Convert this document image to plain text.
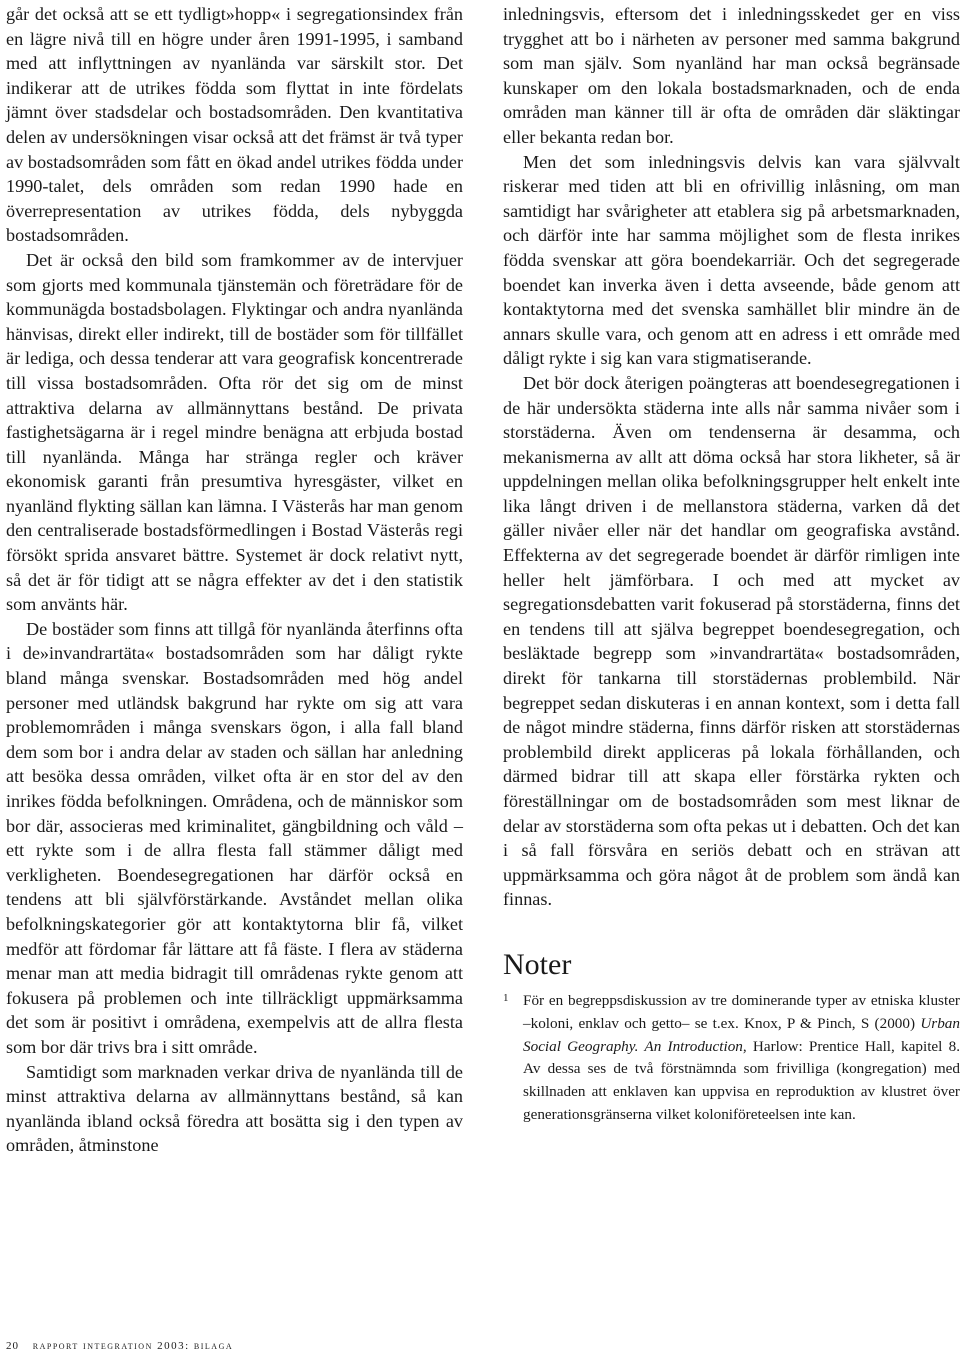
går det också att se ett tydligt»hopp« i segregationsindex från en lägre nivå till en högre under åren 1991-1995, i samband med att inflyttningen av nyanlända var särskilt stor. Det indikerar att de utrikes födda som flyttat in inte fördelats jämnt över stadsdelar och bostadsområden. Den kvantitativa delen av undersökningen visar också att det främst är två typer av bostadsområden som fått en ökad andel utrikes födda under 1990-talet, dels områden som redan 1990 hade en överrepresentation av utrikes födda, dels nybyggda bostadsområden.

Det är också den bild som framkommer av de intervjuer som gjorts med kommunala tjänstemän och företrädare för de kommunägda bostadsbolagen. Flyktingar och andra nyanlända hänvisas, direkt eller indirekt, till de bostäder som för tillfället är lediga, och dessa tenderar att vara geografisk koncentrerade till vissa bostadsområden. Ofta rör det sig om de minst attraktiva delarna av allmännyttans bestånd. De privata fastighetsägarna är i regel mindre benägna att erbjuda bostad till nyanlända. Många har stränga regler och kräver ekonomisk garanti från presumtiva hyresgäster, vilket en nyanländ flykting sällan kan lämna. I Västerås har man genom den centraliserade bostadsförmedlingen i Bostad Västerås regi försökt sprida ansvaret bättre. Systemet är dock relativt nytt, så det är för tidigt att se några effekter av det i den statistik som använts här.

De bostäder som finns att tillgå för nyanlända återfinns ofta i de»invandrartäta« bostadsområden som har dåligt rykte bland många svenskar. Bostadsområden med hög andel personer med utländsk bakgrund har rykte om sig att vara problemområden i många svenskars ögon, i alla fall bland dem som bor i andra delar av staden och sällan har anledning att besöka dessa områden, vilket ofta är en stor del av den inrikes födda befolkningen. Områdena, och de människor som bor där, associeras med kriminalitet, gängbildning och våld – ett rykte som i de allra flesta fall stämmer dåligt med verkligheten. Boendesegregationen har därför också en tendens att bli självförstärkande. Avståndet mellan olika befolkningskategorier gör att kontaktytorna blir få, vilket medför att fördomar får lättare att få fäste. I flera av städerna menar man att media bidragit till områdenas rykte genom att fokusera på problemen och inte tillräckligt uppmärksamma det som är positivt i områdena, exempelvis att de allra flesta som bor där trivs bra i sitt område.

Samtidigt som marknaden verkar driva de nyanlända till de minst attraktiva delarna av allmännyttans bestånd, så kan nyanlända ibland också föredra att bosätta sig i den typen av områden, åtminstone

inledningsvis, eftersom det i inledningsskedet ger en viss trygghet att bo i närheten av personer med samma bakgrund som man själv. Som nyanländ har man också begränsade kunskaper om den lokala bostadsmarknaden, och de enda områden man känner till är ofta de områden där släktingar eller bekanta redan bor.

Men det som inledningsvis delvis kan vara självvalt riskerar med tiden att bli en ofrivillig inlåsning, om man samtidigt har svårigheter att etablera sig på arbetsmarknaden, och därför inte har samma möjlighet som de flesta inrikes födda svenskar att göra boendekarriär. Och det segregerade boendet kan inverka även i detta avseende, både genom att kontaktytorna med det svenska samhället blir mindre än de annars skulle vara, och genom att en adress i ett område med dåligt rykte i sig kan vara stigmatiserande.

Det bör dock återigen poängteras att boendesegregationen i de här undersökta städerna inte alls når samma nivåer som i storstäderna. Även om tendenserna är desamma, och mekanismerna av allt att döma också har stora likheter, så är uppdelningen mellan olika befolkningsgrupper helt enkelt inte lika långt driven i de mellanstora städerna, varken då det gäller nivåer eller när det handlar om geografiska avstånd. Effekterna av det segregerade boendet är därför rimligen inte heller helt jämförbara. I och med att mycket av segregationsdebatten varit fokuserad på storstäderna, finns det en tendens till att själva begreppet boendesegregation, och besläktade begrepp som »invandrartäta« bostadsområden, direkt för tankarna till storstädernas problembild. När begreppet sedan diskuteras i en annan kontext, som i detta fall de något mindre städerna, finns därför risken att storstädernas problembild direkt appliceras på lokala förhållanden, och därmed bidrar till att skapa eller förstärka rykten och föreställningar om de bostadsområden som mest liknar de delar av storstäderna som ofta pekas ut i debatten. Och det kan i så fall försvåra en seriös debatt och en strävan att uppmärksamma och göra något åt de problem som ändå kan finnas.

Noter

1 För en begreppsdiskussion av tre dominerande typer av etniska kluster –koloni, enklav och getto– se t.ex. Knox, P & Pinch, S (2000) Urban Social Geography. An Introduction, Harlow: Prentice Hall, kapitel 8. Av dessa ses de två förstnämnda som frivilliga (kongregation) med skillnaden att enklaven kan uppvisa en reproduktion av klustret över generationsgränserna vilket koloniföreteelsen inte kan.

20 rapport integration 2003: bilaga
